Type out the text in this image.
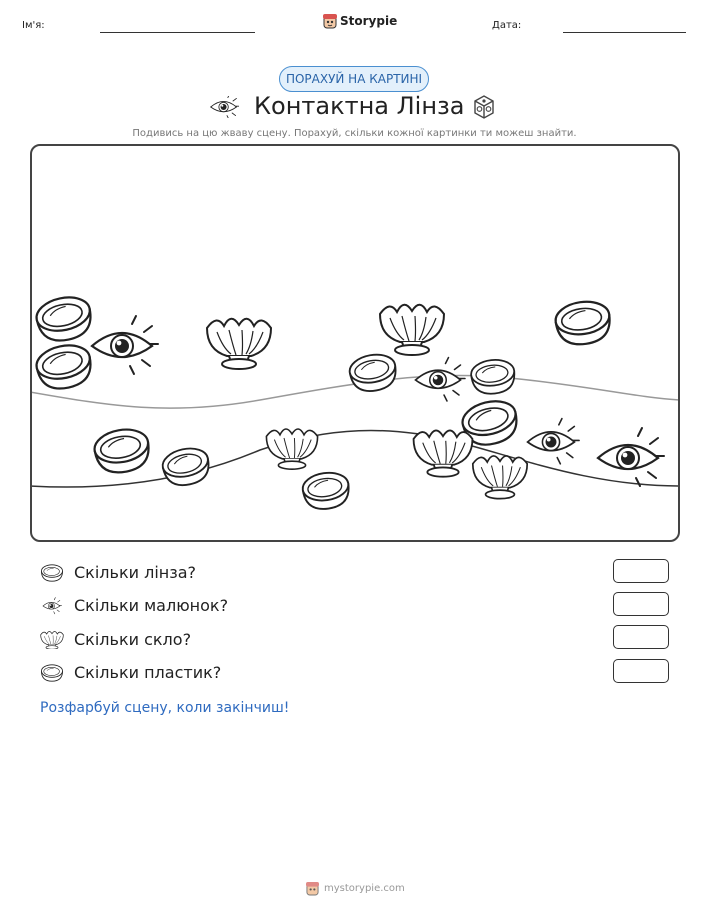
Ім'я:	Storypie	Дата:
ПОРАХУЙ НА КАРТИНІ
Контактна Лінза
Подивись на цю жваву сцену. Порахуй, скільки кожної картинки ти можеш знайти.
Скільки лінза?
Скільки малюнок?
Скільки скло?
Скільки пластик?
Розфарбуй сцену, коли закінчиш!
mystorypie.com
